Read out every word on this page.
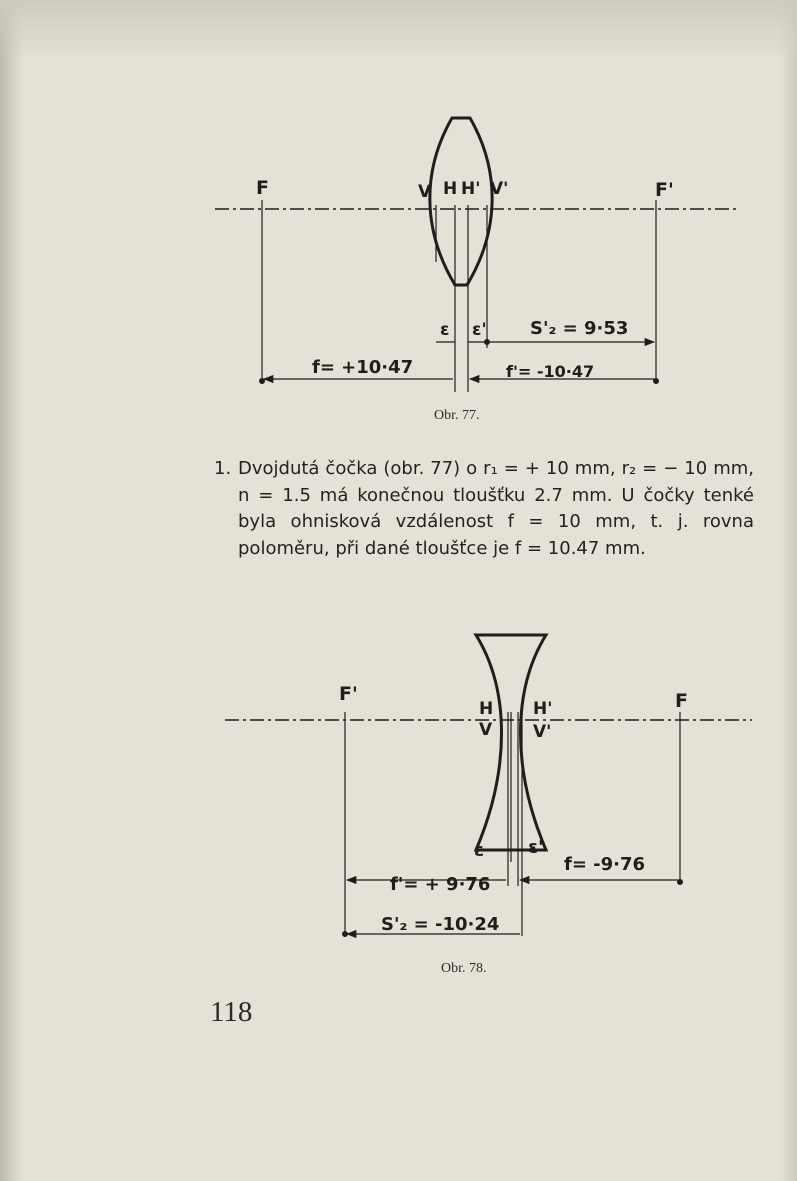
F	V H H' V'	F'
ε ε' S'₂ = 9·53
f= +10·47	f'= -10·47
F'
H
V
H'
V'
F
ε ε'
f= -9·76
f'= + 9·76
S'₂ = -10·24
Obr. 77.
1. Dvojdutá čočka (obr. 77) o r₁ = + 10 mm, r₂ = − 10 mm, n = 1.5 má konečnou tloušťku 2.7 mm. U čočky tenké byla ohnisková vzdálenost f = 10 mm, t. j. rovna poloměru, při dané tloušťce je f = 10.47 mm.
Obr. 78.
118
